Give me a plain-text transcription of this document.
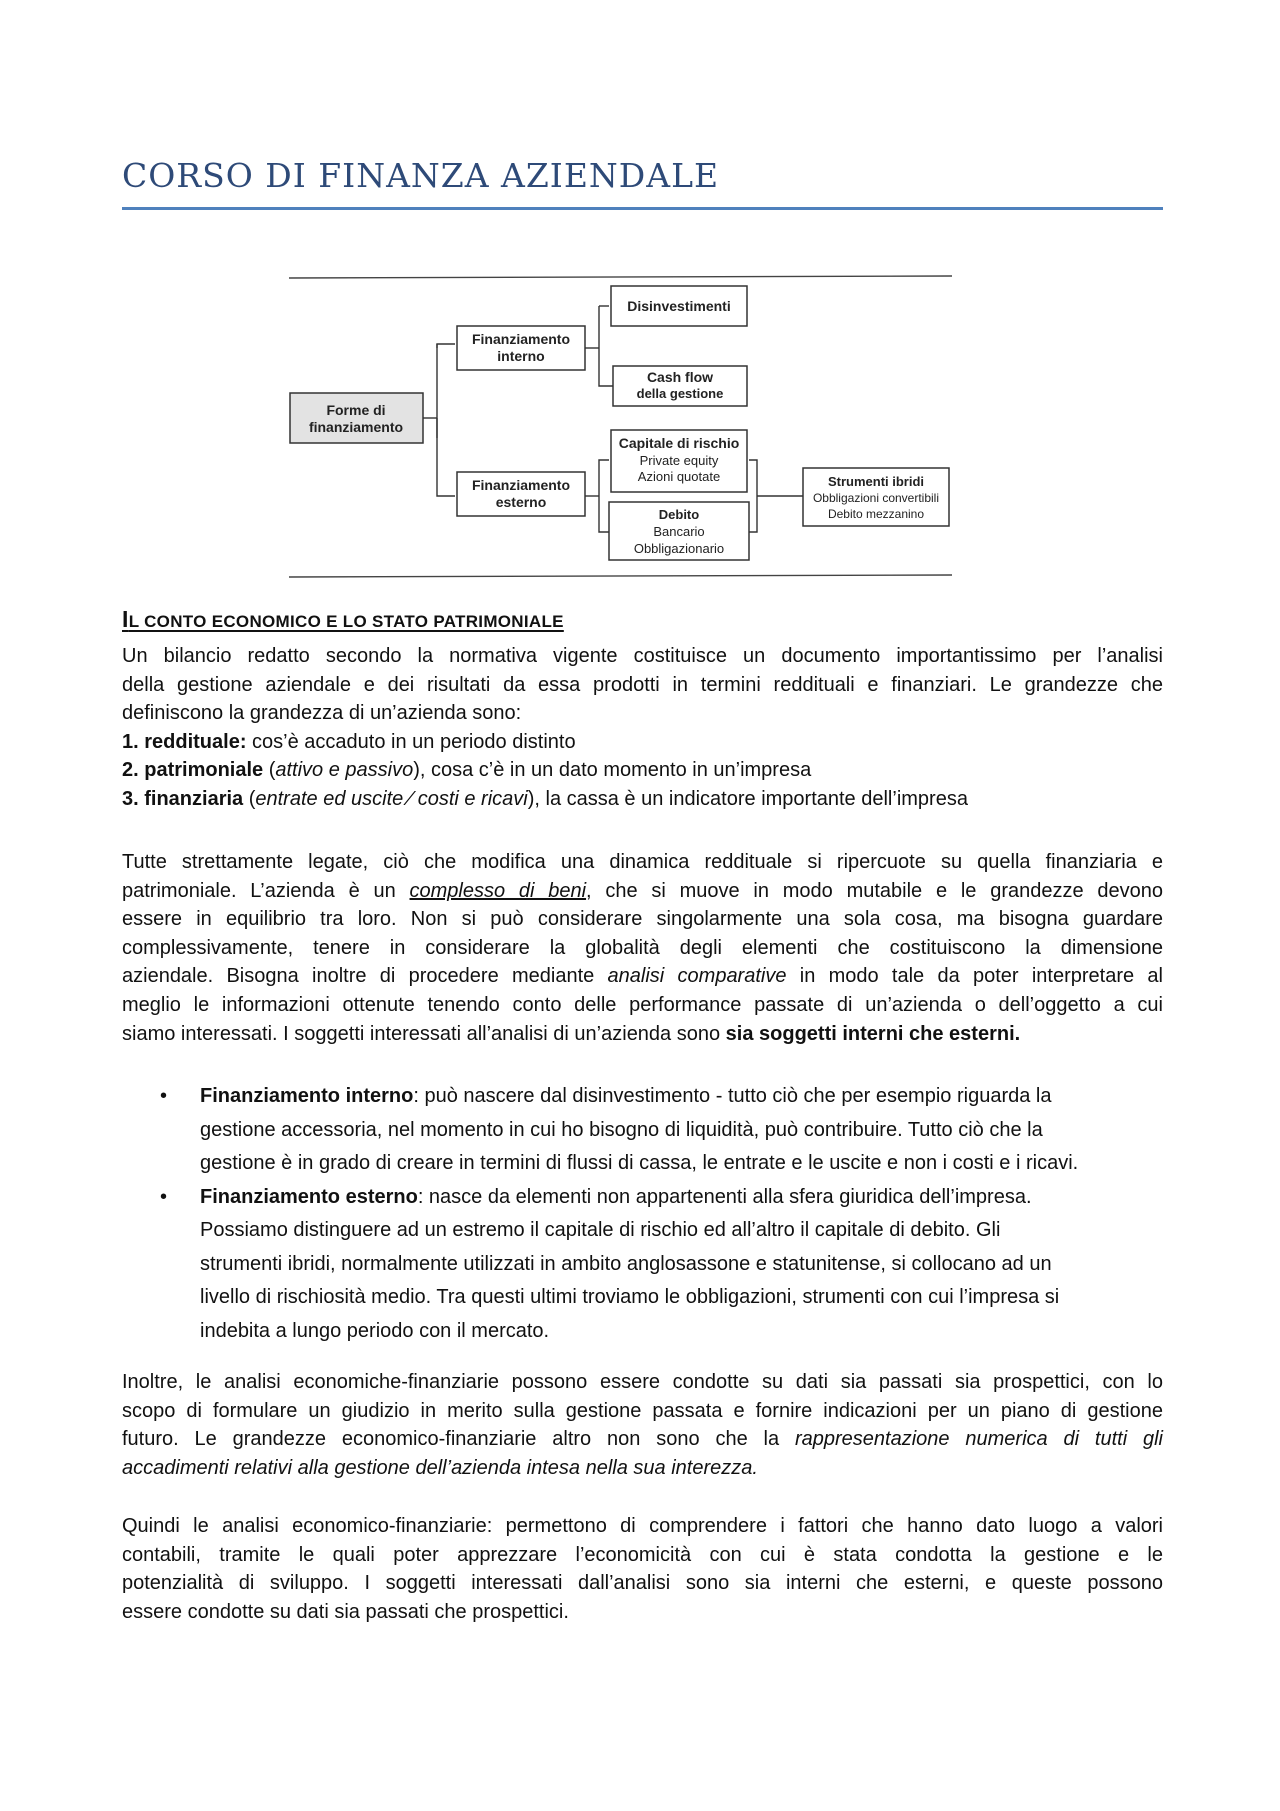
CORSO DI FINANZA AZIENDALE
Forme di
finanziamento
Finanziamento
interno
Finanziamento
esterno
Disinvestimenti
Cash flow
della gestione
Capitale di rischio
Private equity
Azioni quotate
Debito
Bancario
Obbligazionario
Strumenti ibridi
Obbligazioni convertibili
Debito mezzanino
IL CONTO ECONOMICO E LO STATO PATRIMONIALE
Un bilancio redatto secondo la normativa vigente costituisce un documento importantissimo per l’analisi
della gestione aziendale e dei risultati da essa prodotti in termini reddituali e finanziari. Le grandezze che
definiscono la grandezza di un’azienda sono:
1. reddituale: cos’è accaduto in un periodo distinto
2. patrimoniale (attivo e passivo), cosa c’è in un dato momento in un’impresa
3. finanziaria (entrate ed uscite ⁄ costi e ricavi), la cassa è un indicatore importante dell’impresa
Tutte strettamente legate, ciò che modifica una dinamica reddituale si ripercuote su quella finanziaria e
patrimoniale. L’azienda è un complesso di beni, che si muove in modo mutabile e le grandezze devono
essere in equilibrio tra loro. Non si può considerare singolarmente una sola cosa, ma bisogna guardare
complessivamente, tenere in considerare la globalità degli elementi che costituiscono la dimensione
aziendale. Bisogna inoltre di procedere mediante analisi comparative in modo tale da poter interpretare al
meglio le informazioni ottenute tenendo conto delle performance passate di un’azienda o dell’oggetto a cui
siamo interessati. I soggetti interessati all’analisi di un’azienda sono sia soggetti interni che esterni.
• Finanziamento interno: può nascere dal disinvestimento - tutto ciò che per esempio riguarda la
gestione accessoria, nel momento in cui ho bisogno di liquidità, può contribuire. Tutto ciò che la
gestione è in grado di creare in termini di flussi di cassa, le entrate e le uscite e non i costi e i ricavi.
• Finanziamento esterno: nasce da elementi non appartenenti alla sfera giuridica dell’impresa.
Possiamo distinguere ad un estremo il capitale di rischio ed all’altro il capitale di debito. Gli
strumenti ibridi, normalmente utilizzati in ambito anglosassone e statunitense, si collocano ad un
livello di rischiosità medio. Tra questi ultimi troviamo le obbligazioni, strumenti con cui l’impresa si
indebita a lungo periodo con il mercato.
Inoltre, le analisi economiche-finanziarie possono essere condotte su dati sia passati sia prospettici, con lo
scopo di formulare un giudizio in merito sulla gestione passata e fornire indicazioni per un piano di gestione
futuro. Le grandezze economico-finanziarie altro non sono che la rappresentazione numerica di tutti gli
accadimenti relativi alla gestione dell’azienda intesa nella sua interezza.
Quindi le analisi economico-finanziarie: permettono di comprendere i fattori che hanno dato luogo a valori
contabili, tramite le quali poter apprezzare l’economicità con cui è stata condotta la gestione e le
potenzialità di sviluppo. I soggetti interessati dall’analisi sono sia interni che esterni, e queste possono
essere condotte su dati sia passati che prospettici.
